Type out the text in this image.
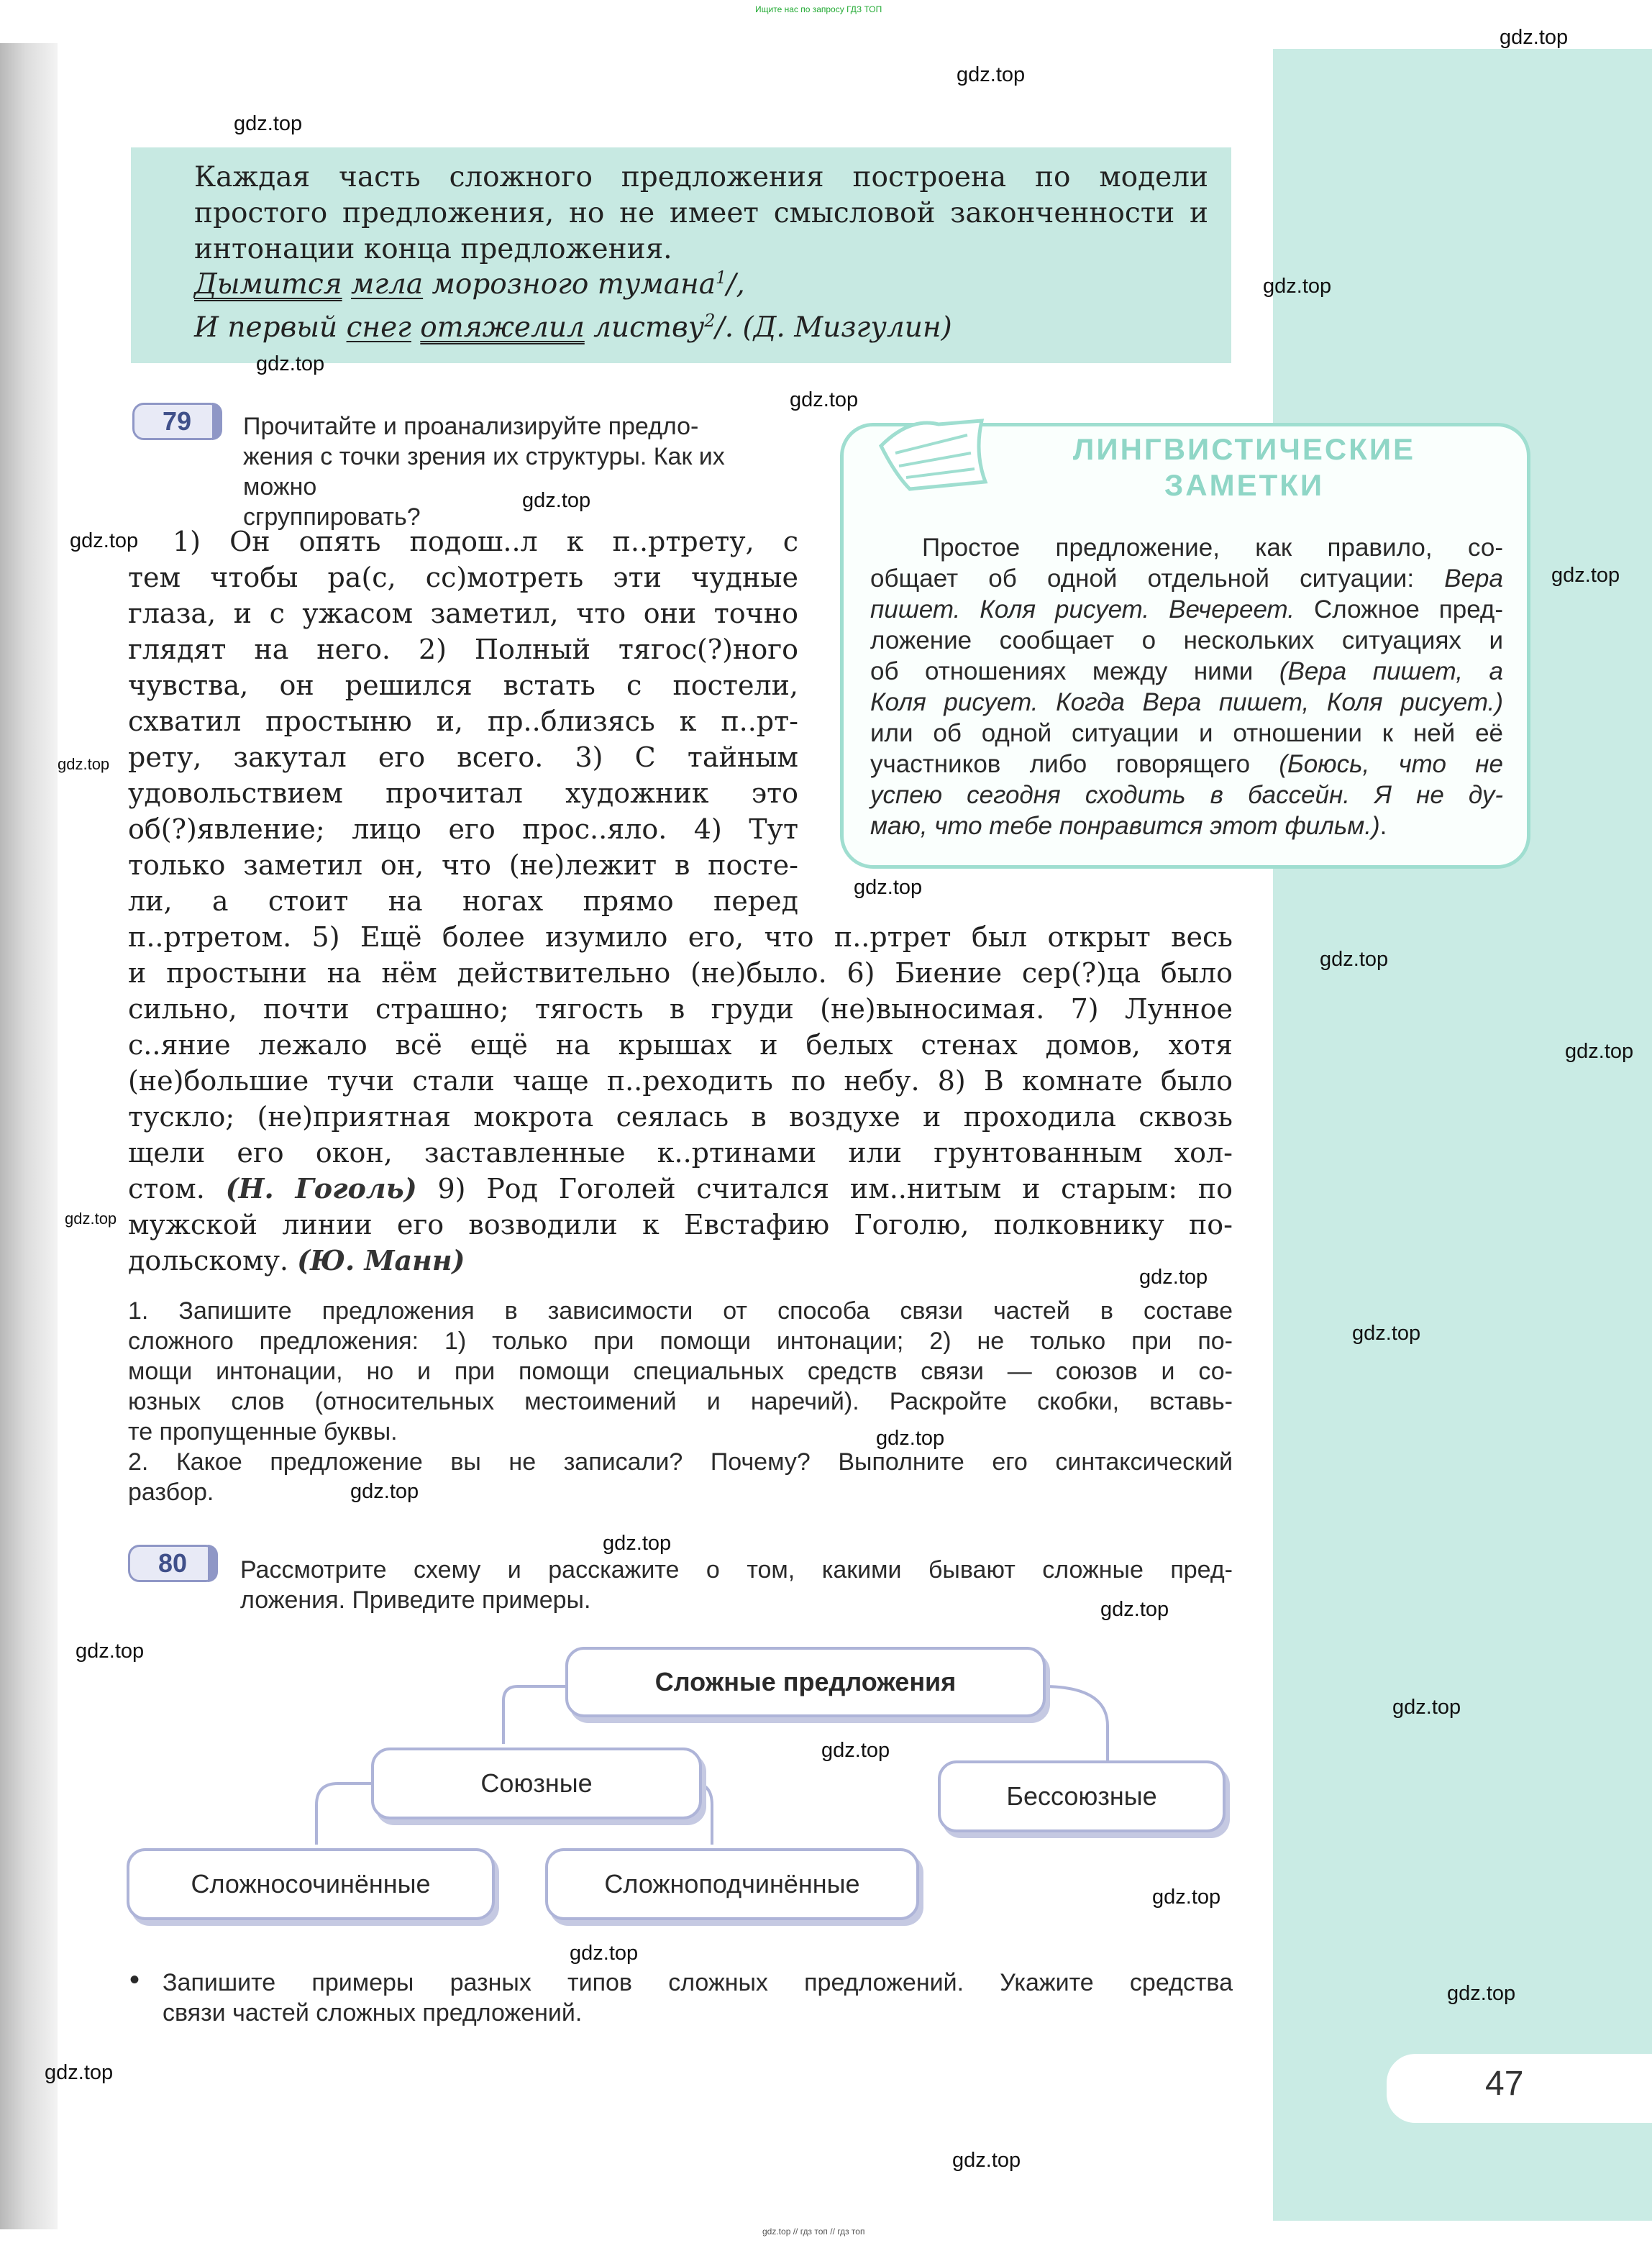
Ищите нас по запросу ГДЗ ТОП
Каждая часть сложного предложения построена по модели простого предложения, но не имеет смысловой законченности и интонации конца предложения.
Дымится мгла морозного тумана$^1$/,
И первый снег отяжелил листву$^2$/. (Д. Мизгулин)
79	Прочитайте и проанализируйте предло-
жения с точки зрения их структуры. Как их можно
сгруппировать?
1) Он опять подош..л к п..ртрету, с
тем чтобы ра(с, сс)мотреть эти чудные
глаза, и с ужасом заметил, что они точно
глядят на него. 2) Полный тягос(?)ного
чувства, он решился встать с постели,
схватил простыню и, пр..близясь к п..рт-
рету, закутал его всего. 3) С тайным
удовольствием прочитал художник это
об(?)явление; лицо его прос..яло. 4) Тут
только заметил он, что (не)лежит в посте-
ли, а стоит на ногах прямо перед
п..ртретом. 5) Ещё более изумило его, что п..ртрет был открыт весь
и простыни на нём действительно (не)было. 6) Биение сер(?)ца было
сильно, почти страшно; тягость в груди (не)выносимая. 7) Лунное
с..яние лежало всё ещё на крышах и белых стенах домов, хотя
(не)большие тучи стали чаще п..реходить по небу. 8) В комнате было
тускло; (не)приятная мокрота сеялась в воздухе и проходила сквозь
щели его окон, заставленные к..ртинами или грунтованным хол-
стом. (Н. Гоголь) 9) Род Гоголей считался им..нитым и старым: по
мужской линии его возводили к Евстафию Гоголю, полковнику по-
дольскому. (Ю. Манн)
1. Запишите предложения в зависимости от способа связи частей в составе
сложного предложения: 1) только при помощи интонации; 2) не только при по-
мощи интонации, но и при помощи специальных средств связи — союзов и со-
юзных слов (относительных местоимений и наречий). Раскройте скобки, вставь-
те пропущенные буквы.
2. Какое предложение вы не записали? Почему? Выполните его синтаксический
разбор.
ЛИНГВИСТИЧЕСКИЕ
ЗАМЕТКИ
Простое предложение, как правило, со-
общает об одной отдельной ситуации: Вера
пишет. Коля рисует. Вечереет. Сложное пред-
ложение сообщает о нескольких ситуациях и
об отношениях между ними (Вера пишет, а
Коля рисует. Когда Вера пишет, Коля рисует.)
или об одной ситуации и отношении к ней её
участников либо говорящего (Боюсь, что не
успею сегодня сходить в бассейн. Я не ду-
маю, что тебе понравится этот фильм.).
80	Рассмотрите схему и расскажите о том, какими бывают сложные пред-
ложения. Приведите примеры.
Сложные предложения
Союзные	Бессоюзные
Сложносочинённые	Сложноподчинённые
• Запишите примеры разных типов сложных предложений. Укажите средства
связи частей сложных предложений.
47
gdz.top
gdz.top
gdz.top
gdz.top
gdz.top
gdz.top
gdz.top
gdz.top
gdz.top
gdz.top
gdz.top
gdz.top
gdz.top
gdz.top
gdz.top
gdz.top
gdz.top
gdz.top
gdz.top
gdz.top
gdz.top
gdz.top
gdz.top
gdz.top
gdz.top
gdz.top
gdz.top
gdz.top
gdz.top // гдз топ // гдз топ
